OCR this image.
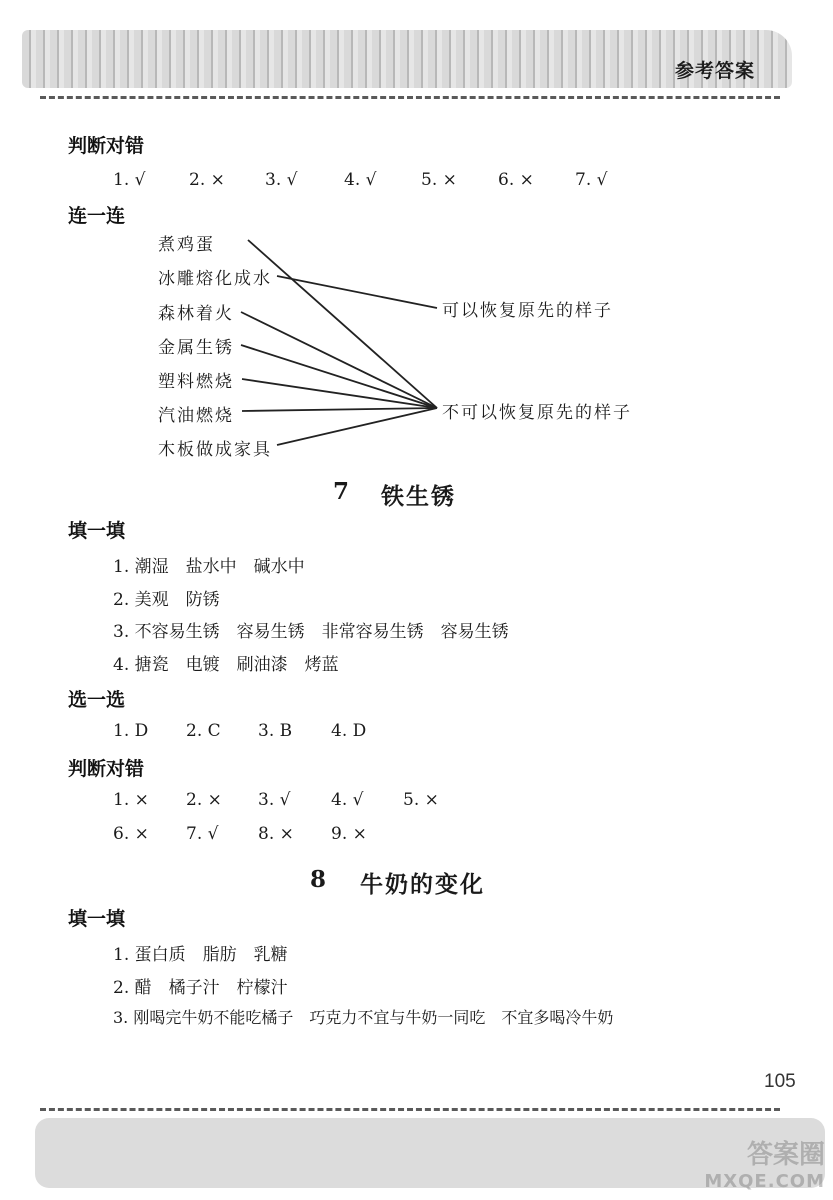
参考答案
判断对错
1. √	2. × 3. √	4. √	5. × 6. × 7. √
连一连
煮鸡蛋
冰雕熔化成水
森林着火
金属生锈
塑料燃烧
汽油燃烧
木板做成家具
可以恢复原先的样子
不可以恢复原先的样子
7 铁生锈
填一填
1. 潮湿　盐水中　碱水中
2. 美观　防锈
3. 不容易生锈　容易生锈　非常容易生锈　容易生锈
4. 搪瓷　电镀　刷油漆　烤蓝
选一选
1. D 2. C 3. B 4. D
判断对错
1. × 2. × 3. √ 4. √ 5. ×
6. × 7. √ 8. × 9. ×
8 牛奶的变化
填一填
1. 蛋白质　脂肪　乳糖
2. 醋　橘子汁　柠檬汁
3. 刚喝完牛奶不能吃橘子　巧克力不宜与牛奶一同吃　不宜多喝冷牛奶
105
答案圈
MXQE.COM
